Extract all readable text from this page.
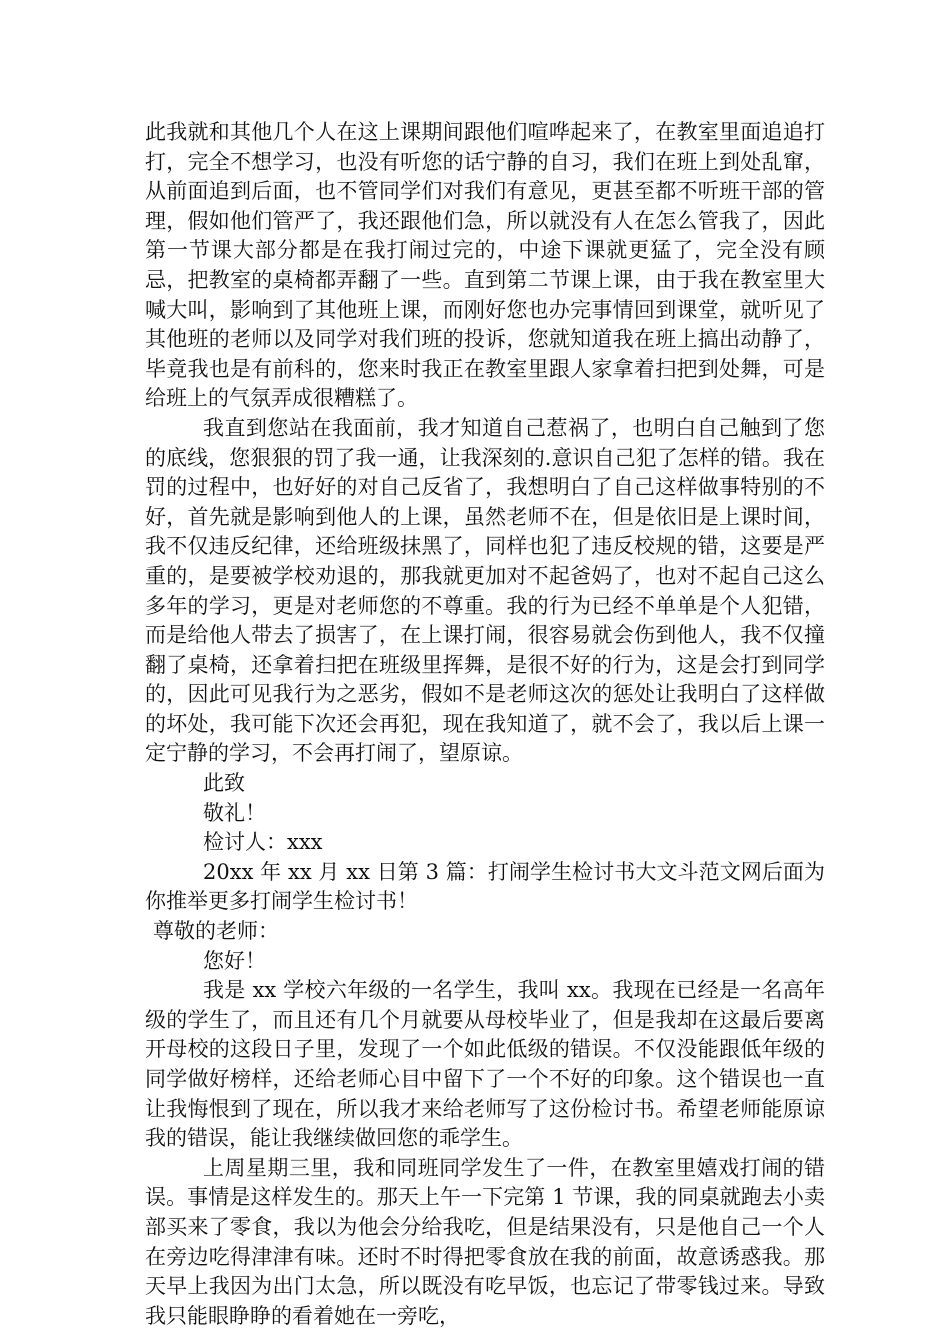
此我就和其他几个人在这上课期间跟他们喧哗起来了，在教室里面追追打打，完全不想学习，也没有听您的话宁静的自习，我们在班上到处乱窜，从前面追到后面，也不管同学们对我们有意见，更甚至都不听班干部的管理，假如他们管严了，我还跟他们急，所以就没有人在怎么管我了，因此第一节课大部分都是在我打闹过完的，中途下课就更猛了，完全没有顾忌，把教室的桌椅都弄翻了一些。直到第二节课上课，由于我在教室里大喊大叫，影响到了其他班上课，而刚好您也办完事情回到课堂，就听见了其他班的老师以及同学对我们班的投诉，您就知道我在班上搞出动静了，毕竟我也是有前科的，您来时我正在教室里跟人家拿着扫把到处舞，可是给班上的气氛弄成很糟糕了。

我直到您站在我面前，我才知道自己惹祸了，也明白自己触到了您的底线，您狠狠的罚了我一通，让我深刻的.意识自己犯了怎样的错。我在罚的过程中，也好好的对自己反省了，我想明白了自己这样做事特别的不好，首先就是影响到他人的上课，虽然老师不在，但是依旧是上课时间，我不仅违反纪律，还给班级抹黑了，同样也犯了违反校规的错，这要是严重的，是要被学校劝退的，那我就更加对不起爸妈了，也对不起自己这么多年的学习，更是对老师您的不尊重。我的行为已经不单单是个人犯错，而是给他人带去了损害了，在上课打闹，很容易就会伤到他人，我不仅撞翻了桌椅，还拿着扫把在班级里挥舞，是很不好的行为，这是会打到同学的，因此可见我行为之恶劣，假如不是老师这次的惩处让我明白了这样做的坏处，我可能下次还会再犯，现在我知道了，就不会了，我以后上课一定宁静的学习，不会再打闹了，望原谅。

此致

敬礼！

检讨人：xxx

20xx 年 xx 月 xx 日第 3 篇：打闹学生检讨书大文斗范文网后面为你推举更多打闹学生检讨书！

尊敬的老师：

您好！

我是 xx 学校六年级的一名学生，我叫 xx。我现在已经是一名高年级的学生了，而且还有几个月就要从母校毕业了，但是我却在这最后要离开母校的这段日子里，发现了一个如此低级的错误。不仅没能跟低年级的同学做好榜样，还给老师心目中留下了一个不好的印象。这个错误也一直让我悔恨到了现在，所以我才来给老师写了这份检讨书。希望老师能原谅我的错误，能让我继续做回您的乖学生。

上周星期三里，我和同班同学发生了一件，在教室里嬉戏打闹的错误。事情是这样发生的。那天上午一下完第 1 节课，我的同桌就跑去小卖部买来了零食，我以为他会分给我吃，但是结果没有，只是他自己一个人在旁边吃得津津有味。还时不时得把零食放在我的前面，故意诱惑我。那天早上我因为出门太急，所以既没有吃早饭，也忘记了带零钱过来。导致我只能眼睁睁的看着她在一旁吃，
